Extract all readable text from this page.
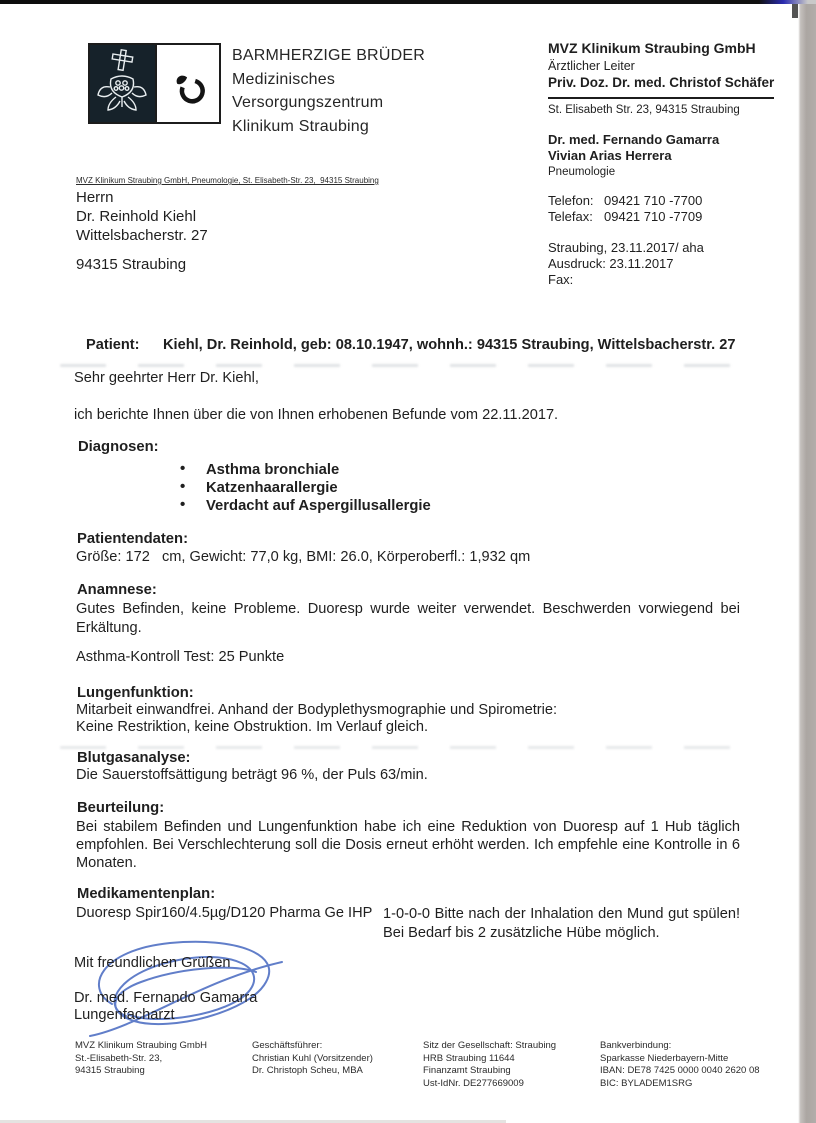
BARMHERZIGE BRÜDER
Medizinisches
Versorgungszentrum
Klinikum Straubing
MVZ Klinikum Straubing GmbH
Ärztlicher Leiter
Priv. Doz. Dr. med. Christof Schäfer
St. Elisabeth Str. 23, 94315 Straubing
Dr. med. Fernando Gamarra
Vivian Arias Herrera
Pneumologie
Telefon: 09421 710 -7700
Telefax: 09421 710 -7709
Straubing, 23.11.2017/ aha
Ausdruck: 23.11.2017
Fax:
MVZ Klinikum Straubing GmbH, Pneumologie, St. Elisabeth-Str. 23,  94315 Straubing
Herrn
Dr. Reinhold Kiehl
Wittelsbacherstr. 27
94315 Straubing
Patient:	Kiehl, Dr. Reinhold, geb: 08.10.1947, wohnh.: 94315 Straubing, Wittelsbacherstr. 27
Sehr geehrter Herr Dr. Kiehl,
ich berichte Ihnen über die von Ihnen erhobenen Befunde vom 22.11.2017.
Diagnosen:
• Asthma bronchiale
• Katzenhaarallergie
• Verdacht auf Aspergillusallergie
Patientendaten:
Größe: 172   cm, Gewicht: 77,0 kg, BMI: 26.0, Körperoberfl.: 1,932 qm
Anamnese:
Gutes Befinden, keine Probleme. Duoresp wurde weiter verwendet. Beschwerden vorwiegend bei Erkältung.
Asthma-Kontroll Test: 25 Punkte
Lungenfunktion:
Mitarbeit einwandfrei. Anhand der Bodyplethysmographie und Spirometrie:
Keine Restriktion, keine Obstruktion. Im Verlauf gleich.
Blutgasanalyse:
Die Sauerstoffsättigung beträgt 96 %, der Puls 63/min.
Beurteilung:
Bei stabilem Befinden und Lungenfunktion habe ich eine Reduktion von Duoresp auf 1 Hub täglich empfohlen. Bei Verschlechterung soll die Dosis erneut erhöht werden. Ich empfehle eine Kontrolle in 6 Monaten.
Medikamentenplan:
Duoresp Spir160/4.5µg/D120 Pharma Ge IHP 1-0-0-0 Bitte nach der Inhalation den Mund gut spülen! Bei Bedarf bis 2 zusätzliche Hübe möglich.
Mit freundlichen Grüßen
Dr. med. Fernando Gamarra
Lungenfacharzt
MVZ Klinikum Straubing GmbH
St.-Elisabeth-Str. 23,
94315 Straubing
Geschäftsführer:
Christian Kuhl (Vorsitzender)
Dr. Christoph Scheu, MBA
Sitz der Gesellschaft: Straubing
HRB Straubing 11644
Finanzamt Straubing
Ust-IdNr. DE277669009
Bankverbindung:
Sparkasse Niederbayern-Mitte
IBAN: DE78 7425 0000 0040 2620 08
BIC: BYLADEM1SRG
